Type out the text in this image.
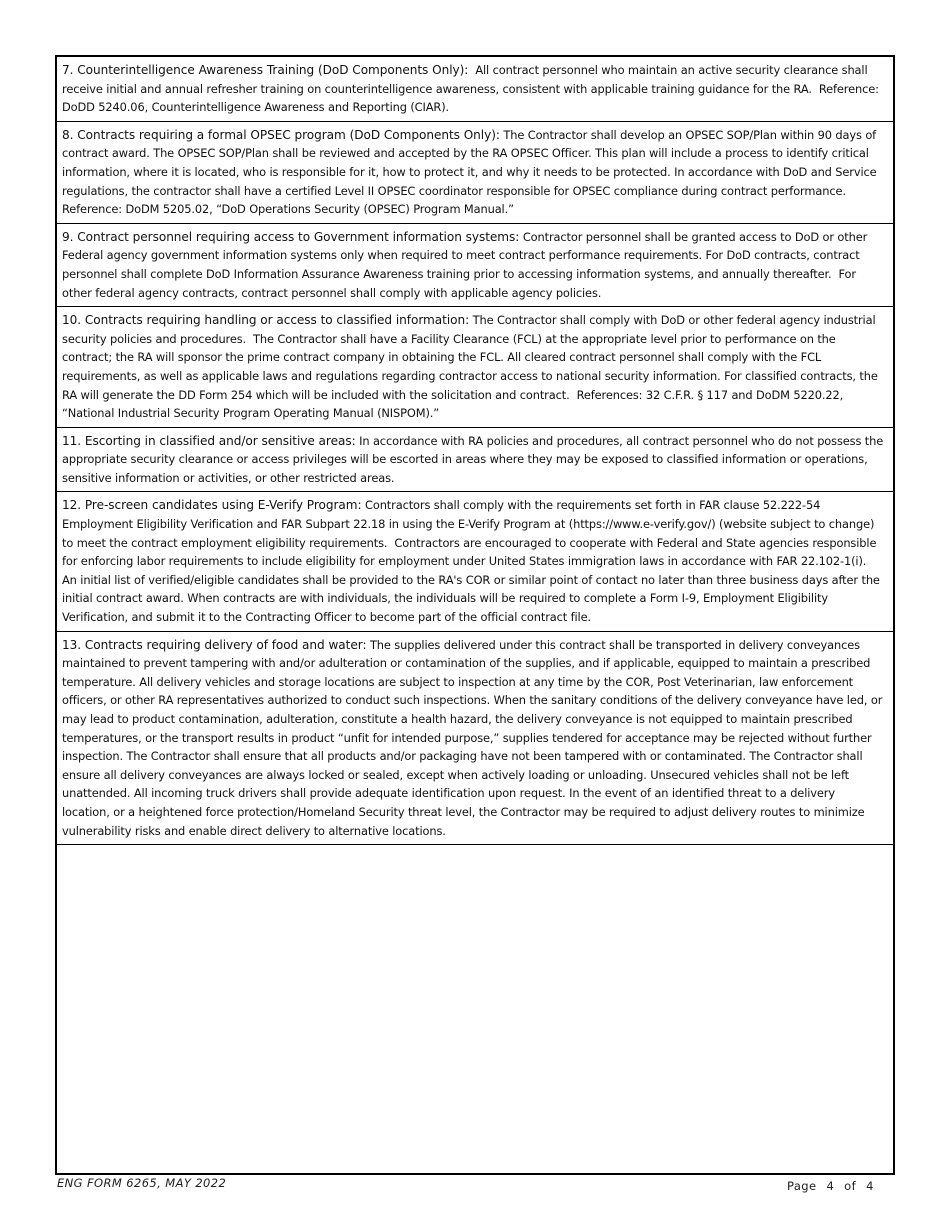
7. Counterintelligence Awareness Training (DoD Components Only):  All contract personnel who maintain an active security clearance shall receive initial and annual refresher training on counterintelligence awareness, consistent with applicable training guidance for the RA.  Reference: DoDD 5240.06, Counterintelligence Awareness and Reporting (CIAR).
8. Contracts requiring a formal OPSEC program (DoD Components Only): The Contractor shall develop an OPSEC SOP/Plan within 90 days of contract award. The OPSEC SOP/Plan shall be reviewed and accepted by the RA OPSEC Officer. This plan will include a process to identify critical information, where it is located, who is responsible for it, how to protect it, and why it needs to be protected. In accordance with DoD and Service regulations, the contractor shall have a certified Level II OPSEC coordinator responsible for OPSEC compliance during contract performance. Reference: DoDM 5205.02, “DoD Operations Security (OPSEC) Program Manual.”
9. Contract personnel requiring access to Government information systems: Contractor personnel shall be granted access to DoD or other Federal agency government information systems only when required to meet contract performance requirements. For DoD contracts, contract personnel shall complete DoD Information Assurance Awareness training prior to accessing information systems, and annually thereafter.  For other federal agency contracts, contract personnel shall comply with applicable agency policies.
10. Contracts requiring handling or access to classified information: The Contractor shall comply with DoD or other federal agency industrial security policies and procedures.  The Contractor shall have a Facility Clearance (FCL) at the appropriate level prior to performance on the contract; the RA will sponsor the prime contract company in obtaining the FCL. All cleared contract personnel shall comply with the FCL requirements, as well as applicable laws and regulations regarding contractor access to national security information. For classified contracts, the RA will generate the DD Form 254 which will be included with the solicitation and contract.  References: 32 C.F.R. § 117 and DoDM 5220.22, “National Industrial Security Program Operating Manual (NISPOM).”
11. Escorting in classified and/or sensitive areas: In accordance with RA policies and procedures, all contract personnel who do not possess the appropriate security clearance or access privileges will be escorted in areas where they may be exposed to classified information or operations, sensitive information or activities, or other restricted areas.
12. Pre-screen candidates using E-Verify Program: Contractors shall comply with the requirements set forth in FAR clause 52.222-54 Employment Eligibility Verification and FAR Subpart 22.18 in using the E-Verify Program at (https://www.e-verify.gov/) (website subject to change) to meet the contract employment eligibility requirements.  Contractors are encouraged to cooperate with Federal and State agencies responsible for enforcing labor requirements to include eligibility for employment under United States immigration laws in accordance with FAR 22.102-1(i).   An initial list of verified/eligible candidates shall be provided to the RA's COR or similar point of contact no later than three business days after the initial contract award. When contracts are with individuals, the individuals will be required to complete a Form I-9, Employment Eligibility Verification, and submit it to the Contracting Officer to become part of the official contract file.
13. Contracts requiring delivery of food and water: The supplies delivered under this contract shall be transported in delivery conveyances maintained to prevent tampering with and/or adulteration or contamination of the supplies, and if applicable, equipped to maintain a prescribed temperature. All delivery vehicles and storage locations are subject to inspection at any time by the COR, Post Veterinarian, law enforcement officers, or other RA representatives authorized to conduct such inspections. When the sanitary conditions of the delivery conveyance have led, or may lead to product contamination, adulteration, constitute a health hazard, the delivery conveyance is not equipped to maintain prescribed temperatures, or the transport results in product “unfit for intended purpose,” supplies tendered for acceptance may be rejected without further inspection. The Contractor shall ensure that all products and/or packaging have not been tampered with or contaminated. The Contractor shall ensure all delivery conveyances are always locked or sealed, except when actively loading or unloading. Unsecured vehicles shall not be left unattended. All incoming truck drivers shall provide adequate identification upon request. In the event of an identified threat to a delivery location, or a heightened force protection/Homeland Security threat level, the Contractor may be required to adjust delivery routes to minimize vulnerability risks and enable direct delivery to alternative locations.
ENG FORM 6265, MAY 2022	Page 4 of 4
